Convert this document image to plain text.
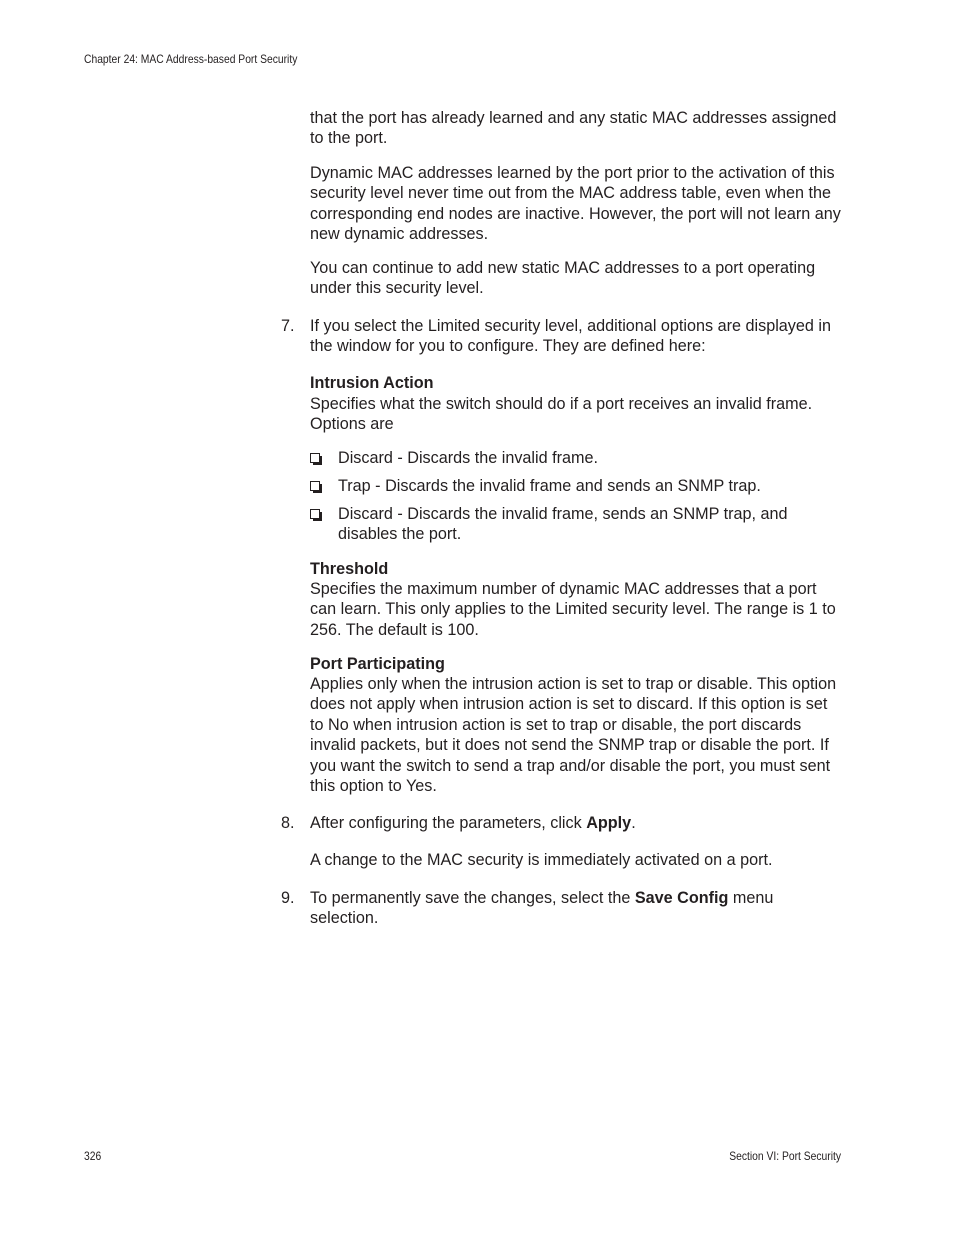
Chapter 24: MAC Address-based Port Security

that the port has already learned and any static MAC addresses assigned to the port.

Dynamic MAC addresses learned by the port prior to the activation of this security level never time out from the MAC address table, even when the corresponding end nodes are inactive. However, the port will not learn any new dynamic addresses.

You can continue to add new static MAC addresses to a port operating under this security level.

7. If you select the Limited security level, additional options are displayed in the window for you to configure. They are defined here:

Intrusion Action

Specifies what the switch should do if a port receives an invalid frame. Options are

Discard - Discards the invalid frame.

Trap - Discards the invalid frame and sends an SNMP trap.

Discard - Discards the invalid frame, sends an SNMP trap, and disables the port.

Threshold

Specifies the maximum number of dynamic MAC addresses that a port can learn. This only applies to the Limited security level. The range is 1 to 256. The default is 100.

Port Participating

Applies only when the intrusion action is set to trap or disable. This option does not apply when intrusion action is set to discard. If this option is set to No when intrusion action is set to trap or disable, the port discards invalid packets, but it does not send the SNMP trap or disable the port. If you want the switch to send a trap and/or disable the port, you must sent this option to Yes.

8. After configuring the parameters, click Apply.

A change to the MAC security is immediately activated on a port.

9. To permanently save the changes, select the Save Config menu selection.

326	Section VI: Port Security
